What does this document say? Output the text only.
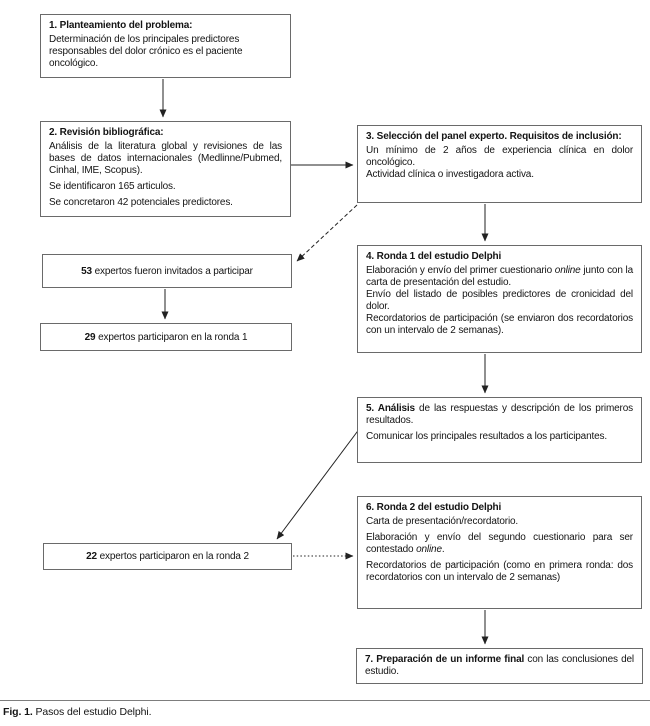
1. Planteamiento del problema:

Determinación de los principales predictores responsables del dolor crónico es el paciente oncológico.

2. Revisión bibliográfica:

Análisis de la literatura global y revisiones de las bases de datos internacionales (Medlinne/Pubmed, Cinhal, IME, Scopus).

Se identificaron 165 articulos.

Se concretaron 42 potenciales predictores.

3. Selección del panel experto. Requisitos de inclusión:

Un mínimo de 2 años de experiencia clínica en dolor oncológico.

Actividad clínica o investigadora activa.

53 expertos fueron invitados a participar
29 expertos participaron en la ronda 1
4. Ronda 1 del estudio Delphi

Elaboración y envío del primer cuestionario online junto con la carta de presentación del estudio.

Envío del listado de posibles predictores de cronicidad del dolor.

Recordatorios de participación (se enviaron dos recordatorios con un intervalo de 2 semanas).

5. Análisis de las respuestas y descripción de los primeros resultados.

Comunicar los principales resultados a los participantes.

22 expertos participaron en la ronda 2
6. Ronda 2 del estudio Delphi

Carta de presentación/recordatorio.

Elaboración y envío del segundo cuestionario para ser contestado online.

Recordatorios de participación (como en primera ronda: dos recordatorios con un intervalo de 2 semanas)

7. Preparación de un informe final con las conclusiones del estudio.

Fig. 1. Pasos del estudio Delphi.
